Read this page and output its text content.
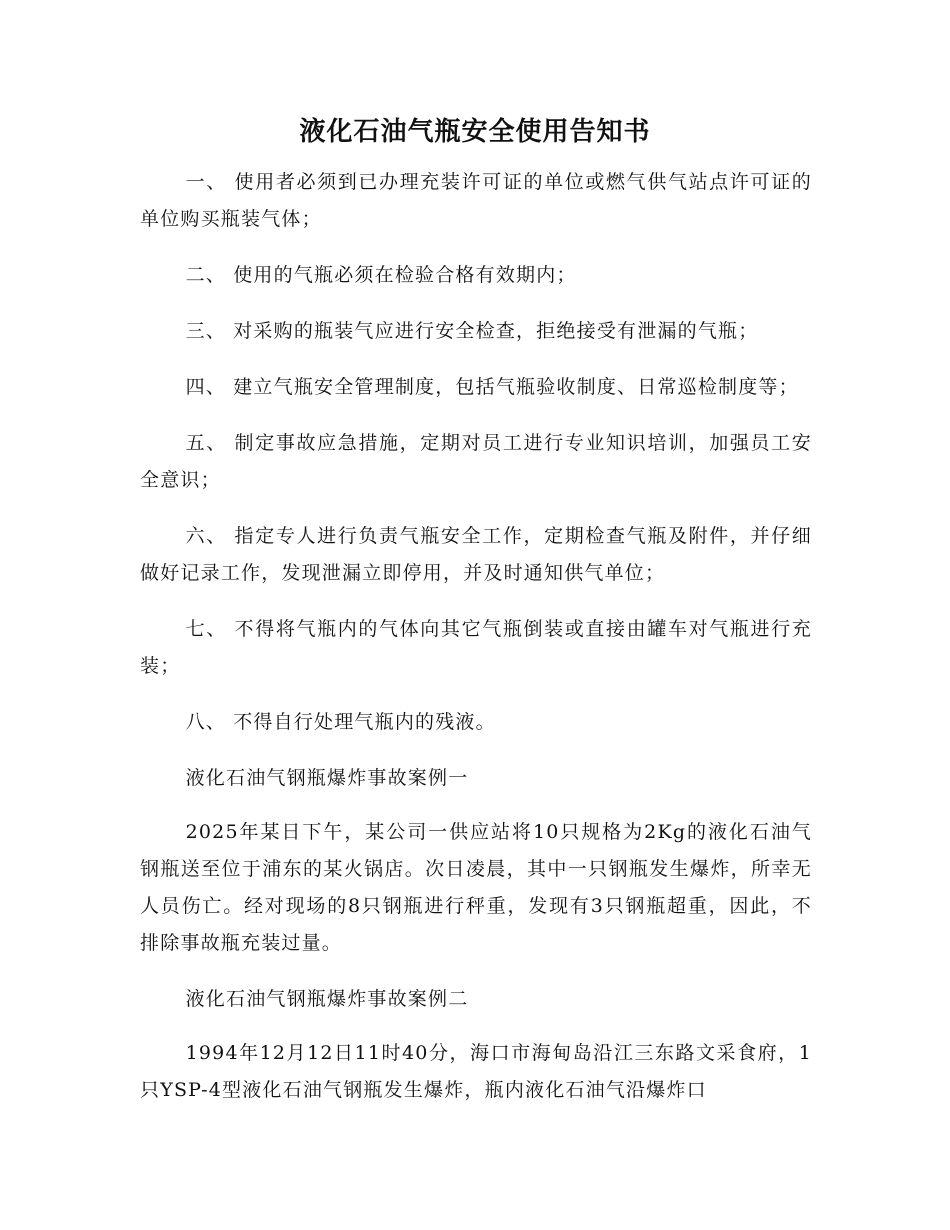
液化石油气瓶安全使用告知书

一、 使用者必须到已办理充装许可证的单位或燃气供气站点许可证的单位购买瓶装气体；

二、 使用的气瓶必须在检验合格有效期内；

三、 对采购的瓶装气应进行安全检查，拒绝接受有泄漏的气瓶；

四、 建立气瓶安全管理制度，包括气瓶验收制度、日常巡检制度等；

五、 制定事故应急措施，定期对员工进行专业知识培训，加强员工安全意识；

六、 指定专人进行负责气瓶安全工作，定期检查气瓶及附件，并仔细做好记录工作，发现泄漏立即停用，并及时通知供气单位；

七、 不得将气瓶内的气体向其它气瓶倒装或直接由罐车对气瓶进行充装；

八、 不得自行处理气瓶内的残液。

液化石油气钢瓶爆炸事故案例一

2025年某日下午，某公司一供应站将10只规格为2Kg的液化石油气钢瓶送至位于浦东的某火锅店。次日凌晨，其中一只钢瓶发生爆炸，所幸无人员伤亡。经对现场的8只钢瓶进行秤重，发现有3只钢瓶超重，因此，不排除事故瓶充装过量。

液化石油气钢瓶爆炸事故案例二

1994年12月12日11时40分，海口市海甸岛沿江三东路文采食府，1只YSP-4型液化石油气钢瓶发生爆炸，瓶内液化石油气沿爆炸口
